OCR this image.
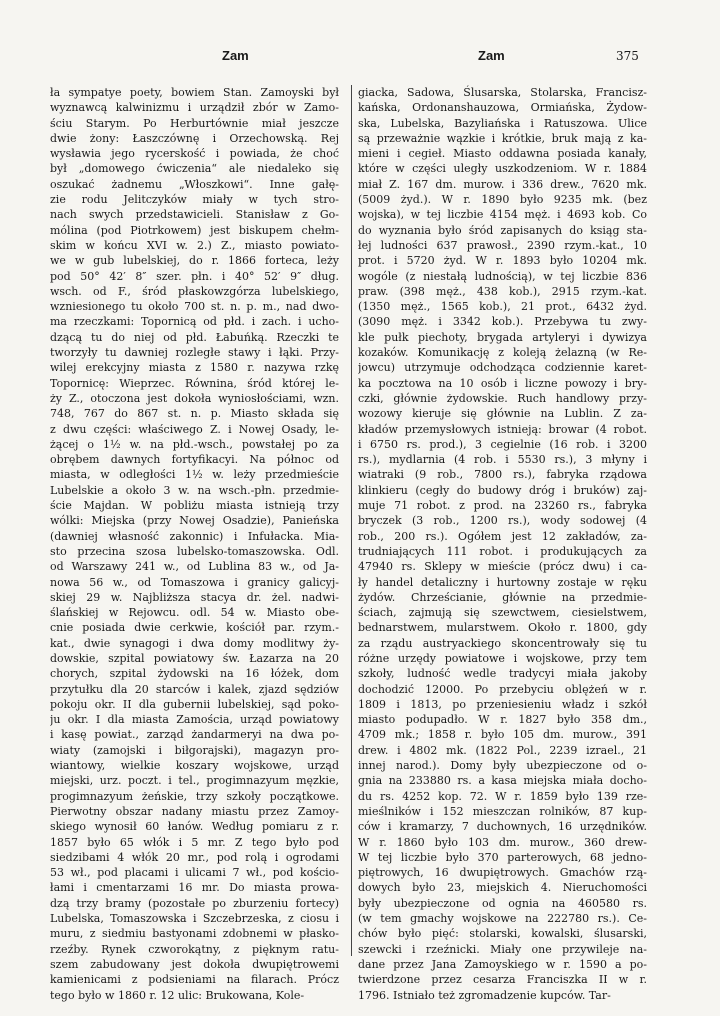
Zam	Zam	375
ła sympatye poety, bowiem Stan. Zamoyski był
wyznawcą kalwinizmu i urządził zbór w Zamo-
ściu Starym. Po Herburtównie miał jeszcze
dwie żony: Łaszczównę i Orzechowską. Rej
wysławia jego rycerskość i powiada, że choć
był „domowego ćwiczenia“ ale niedaleko się
oszukać żadnemu „Włoszkowi“. Inne gałę-
zie rodu Jelitczyków miały w tych stro-
nach swych przedstawicieli. Stanisław z Go-
mólina (pod Piotrkowem) jest biskupem chełm-
skim w końcu XVI w. 2.) Z., miasto powiato-
we w gub lubelskiej, do r. 1866 forteca, leży
pod 50° 42′ 8″ szer. płn. i 40° 52′ 9″ dług.
wsch. od F., śród płaskowzgórza lubelskiego,
wzniesionego tu około 700 st. n. p. m., nad dwo-
ma rzeczkami: Topornicą od płd. i zach. i ucho-
dzącą tu do niej od płd. Łabuńką. Rzeczki te
tworzyły tu dawniej rozległe stawy i łąki. Przy-
wilej erekcyjny miasta z 1580 r. nazywa rzkę
Topornicę: Wieprzec. Równina, śród której le-
ży Z., otoczona jest dokoła wyniosłościami, wzn.
748, 767 do 867 st. n. p. Miasto składa się
z dwu części: właściwego Z. i Nowej Osady, le-
żącej o 1½ w. na płd.-wsch., powstałej po za
obrębem dawnych fortyfikacyi. Na północ od
miasta, w odległości 1½ w. leży przedmieście
Lubelskie a około 3 w. na wsch.-płn. przedmie-
ście Majdan. W pobliżu miasta istnieją trzy
wólki: Miejska (przy Nowej Osadzie), Panieńska
(dawniej własność zakonnic) i Infułacka. Mia-
sto przecina szosa lubelsko-tomaszowska. Odl.
od Warszawy 241 w., od Lublina 83 w., od Ja-
nowa 56 w., od Tomaszowa i granicy galicyj-
skiej 29 w. Najbliższa stacya dr. żel. nadwi-
ślańskiej w Rejowcu. odl. 54 w. Miasto obe-
cnie posiada dwie cerkwie, kościół par. rzym.-
kat., dwie synagogi i dwa domy modlitwy ży-
dowskie, szpital powiatowy św. Łazarza na 20
chorych, szpital żydowski na 16 łóżek, dom
przytułku dla 20 starców i kalek, zjazd sędziów
pokoju okr. II dla gubernii lubelskiej, sąd poko-
ju okr. I dla miasta Zamościa, urząd powiatowy
i kasę powiat., zarząd żandarmeryi na dwa po-
wiaty (zamojski i biłgorajski), magazyn pro-
wiantowy, wielkie koszary wojskowe, urząd
miejski, urz. poczt. i tel., progimnazyum męzkie,
progimnazyum żeńskie, trzy szkoły początkowe.
Pierwotny obszar nadany miastu przez Zamoy-
skiego wynosił 60 łanów. Według pomiaru z r.
1857 było 65 włók i 5 mr. Z tego było pod
siedzibami 4 włók 20 mr., pod rolą i ogrodami
53 wł., pod placami i ulicami 7 wł., pod kościo-
łami i cmentarzami 16 mr. Do miasta prowa-
dzą trzy bramy (pozostałe po zburzeniu fortecy)
Lubelska, Tomaszowska i Szczebrzeska, z ciosu i
muru, z siedmiu bastyonami zdobnemi w płasko-
rzeźby. Rynek czworokątny, z pięknym ratu-
szem zabudowany jest dokoła dwupiętrowemi
kamienicami z podsieniami na filarach. Prócz
tego było w 1860 r. 12 ulic: Brukowana, Kole-
giacka, Sadowa, Ślusarska, Stolarska, Francisz-
kańska, Ordonanshauzowa, Ormiańska, Żydow-
ska, Lubelska, Bazyliańska i Ratuszowa. Ulice
są przeważnie wązkie i krótkie, bruk mają z ka-
mieni i cegieł. Miasto oddawna posiada kanały,
które w części uległy uszkodzeniom. W r. 1884
miał Z. 167 dm. murow. i 336 drew., 7620 mk.
(5009 żyd.). W r. 1890 było 9235 mk. (bez
wojska), w tej liczbie 4154 męż. i 4693 kob. Co
do wyznania było śród zapisanych do ksiąg sta-
łej ludności 637 prawosł., 2390 rzym.-kat., 10
prot. i 5720 żyd. W r. 1893 było 10204 mk.
wogóle (z niestałą ludnością), w tej liczbie 836
praw. (398 męż., 438 kob.), 2915 rzym.-kat.
(1350 męż., 1565 kob.), 21 prot., 6432 żyd.
(3090 męż. i 3342 kob.). Przebywa tu zwy-
kle pułk piechoty, brygada artyleryi i dywizya
kozaków. Komunikację z koleją żelazną (w Re-
jowcu) utrzymuje odchodząca codziennie karet-
ka pocztowa na 10 osób i liczne powozy i bry-
czki, głównie żydowskie. Ruch handlowy przy-
wozowy kieruje się głównie na Lublin. Z za-
kładów przemysłowych istnieją: browar (4 robot.
i 6750 rs. prod.), 3 cegielnie (16 rob. i 3200
rs.), mydlarnia (4 rob. i 5530 rs.), 3 młyny i
wiatraki (9 rob., 7800 rs.), fabryka rządowa
klinkieru (cegły do budowy dróg i bruków) zaj-
muje 71 robot. z prod. na 23260 rs., fabryka
bryczek (3 rob., 1200 rs.), wody sodowej (4
rob., 200 rs.). Ogółem jest 12 zakładów, za-
trudniających 111 robot. i produkujących za
47940 rs. Sklepy w mieście (prócz dwu) i ca-
ły handel detaliczny i hurtowny zostaje w ręku
żydów. Chrześcianie, głównie na przedmie-
ściach, zajmują się szewctwem, ciesielstwem,
bednarstwem, mularstwem. Około r. 1800, gdy
za rządu austryackiego skoncentrowały się tu
różne urzędy powiatowe i wojskowe, przy tem
szkoły, ludność wedle tradycyi miała jakoby
dochodzić 12000. Po przebyciu oblężeń w r.
1809 i 1813, po przeniesieniu władz i szkół
miasto podupadło. W r. 1827 było 358 dm.,
4709 mk.; 1858 r. było 105 dm. murow., 391
drew. i 4802 mk. (1822 Pol., 2239 izrael., 21
innej narod.). Domy były ubezpieczone od o-
gnia na 233880 rs. a kasa miejska miała docho-
du rs. 4252 kop. 72. W r. 1859 było 139 rze-
mieślników i 152 mieszczan rolników, 87 kup-
ców i kramarzy, 7 duchownych, 16 urzędników.
W r. 1860 było 103 dm. murow., 360 drew-
W tej liczbie było 370 parterowych, 68 jedno-
piętrowych, 16 dwupiętrowych. Gmachów rzą-
dowych było 23, miejskich 4. Nieruchomości
były ubezpieczone od ognia na 460580 rs.
(w tem gmachy wojskowe na 222780 rs.). Ce-
chów było pięć: stolarski, kowalski, ślusarski,
szewcki i rzeźnicki. Miały one przywileje na-
dane przez Jana Zamoyskiego w r. 1590 a po-
twierdzone przez cesarza Franciszka II w r.
1796. Istniało też zgromadzenie kupców. Tar-
